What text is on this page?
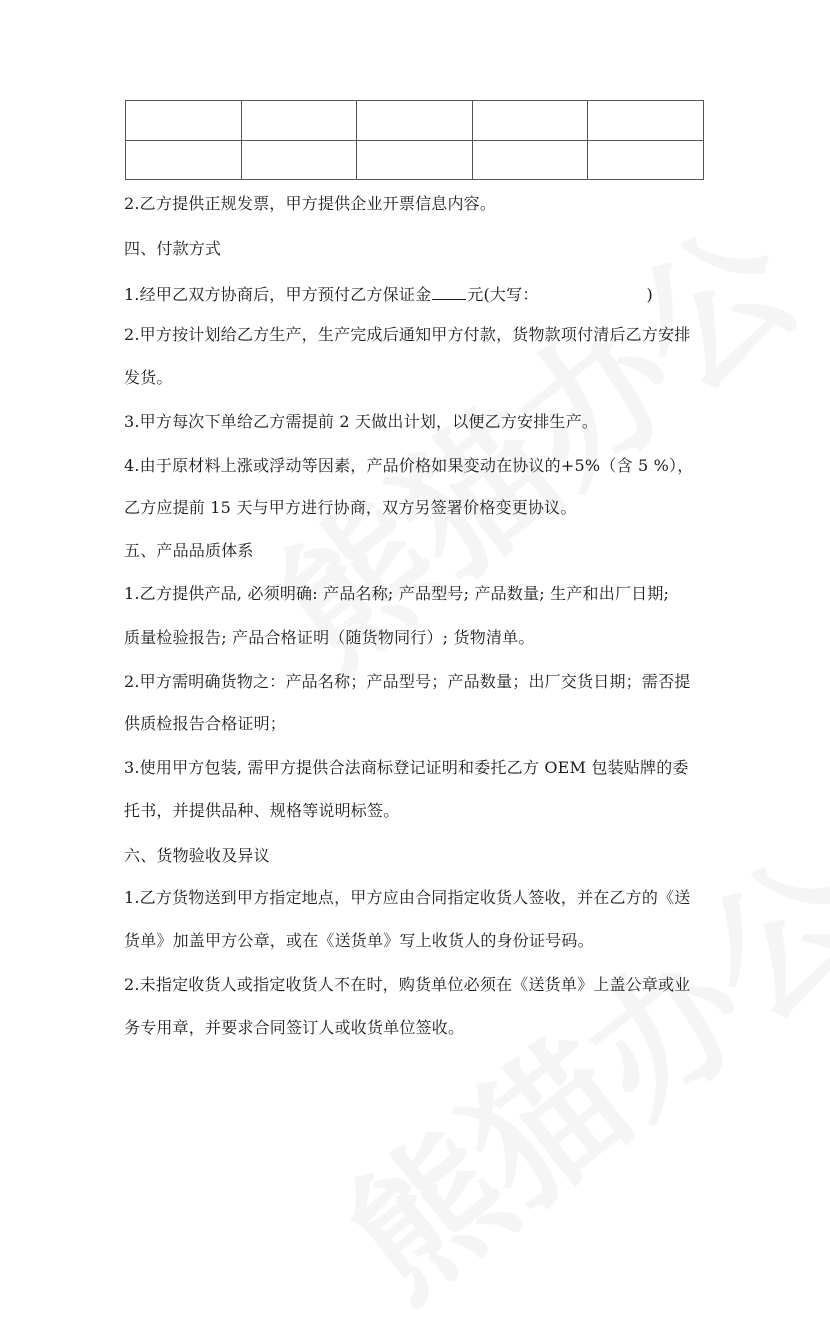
2.乙方提供正规发票，甲方提供企业开票信息内容。
四、付款方式
1.经甲乙双方协商后，甲方预付乙方保证金 元(大写：	)
2.甲方按计划给乙方生产，生产完成后通知甲方付款，货物款项付清后乙方安排
发货。
3.甲方每次下单给乙方需提前 2 天做出计划，以便乙方安排生产。
4.由于原材料上涨或浮动等因素，产品价格如果变动在协议的+5%（含 5 %），
乙方应提前 15 天与甲方进行协商，双方另签署价格变更协议。
五、产品品质体系
1.乙方提供产品, 必须明确: 产品名称; 产品型号; 产品数量; 生产和出厂日期;
质量检验报告; 产品合格证明（随货物同行）; 货物清单。
2.甲方需明确货物之：产品名称；产品型号；产品数量；出厂交货日期；需否提
供质检报告合格证明；
3.使用甲方包装, 需甲方提供合法商标登记证明和委托乙方 OEM 包装贴牌的委
托书，并提供品种、规格等说明标签。
六、货物验收及异议
1.乙方货物送到甲方指定地点，甲方应由合同指定收货人签收，并在乙方的《送
货单》加盖甲方公章，或在《送货单》写上收货人的身份证号码。
2.未指定收货人或指定收货人不在时，购货单位必须在《送货单》上盖公章或业
务专用章，并要求合同签订人或收货单位签收。
